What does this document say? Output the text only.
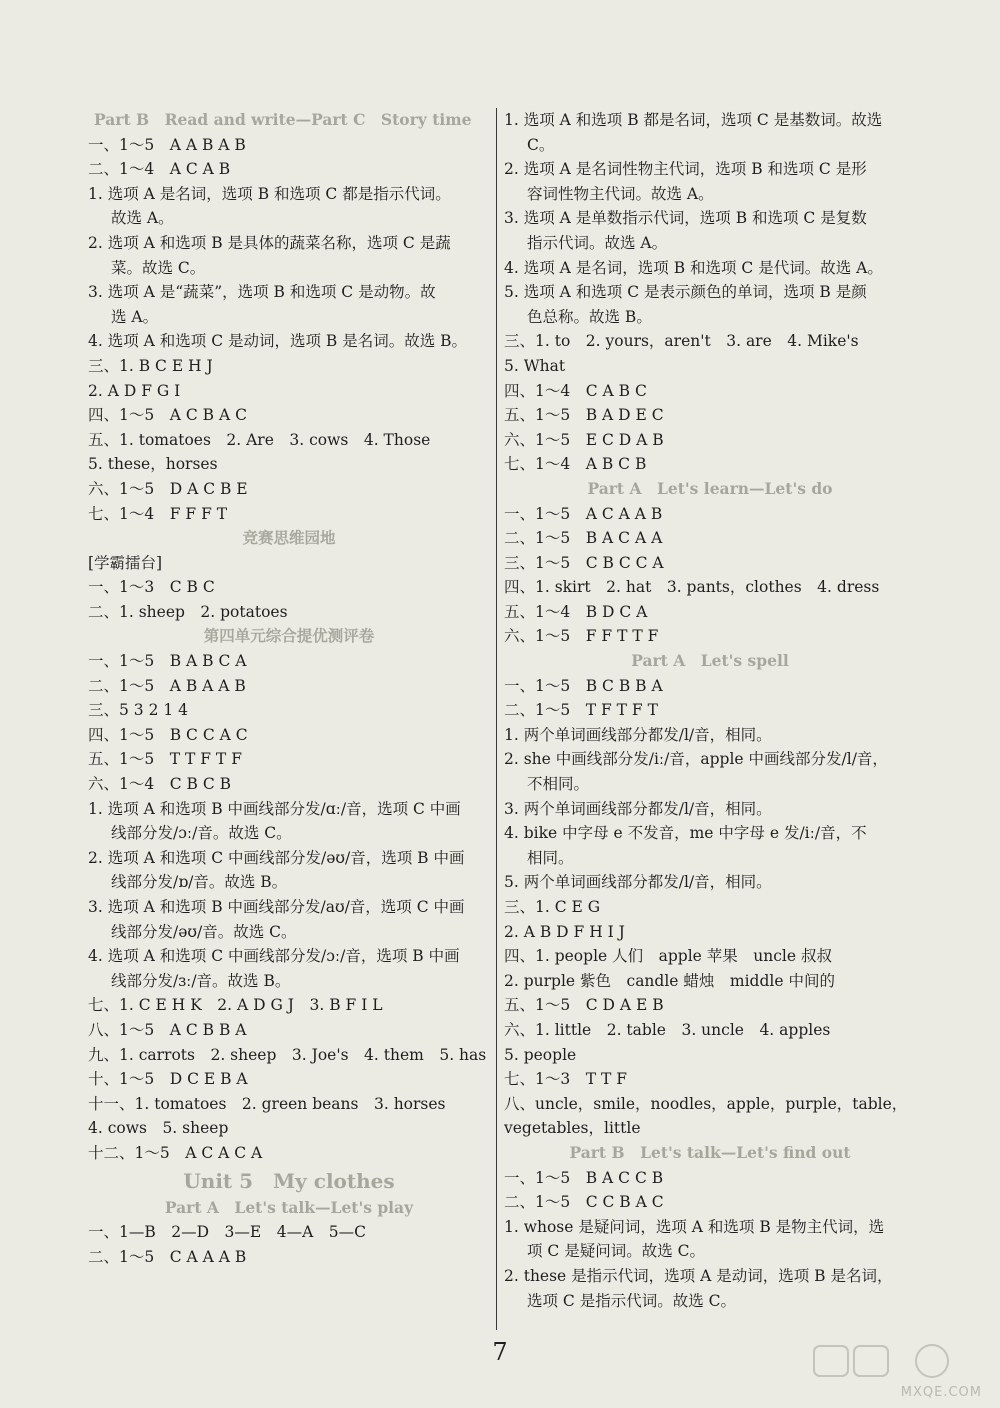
Part B　Read and write—Part C　Story time
一、1～5　A A B A B
二、1～4　A C A B
1. 选项 A 是名词，选项 B 和选项 C 都是指示代词。
故选 A。
2. 选项 A 和选项 B 是具体的蔬菜名称，选项 C 是蔬
菜。故选 C。
3. 选项 A 是“蔬菜”，选项 B 和选项 C 是动物。故
选 A。
4. 选项 A 和选项 C 是动词，选项 B 是名词。故选 B。
三、1. B C E H J
2. A D F G I
四、1～5　A C B A C
五、1. tomatoes　2. Are　3. cows　4. Those
5. these，horses
六、1～5　D A C B E
七、1～4　F F F T
竞赛思维园地
[学霸擂台]
一、1～3　C B C
二、1. sheep　2. potatoes
第四单元综合提优测评卷
一、1～5　B A B C A
二、1～5　A B A A B
三、5 3 2 1 4
四、1～5　B C C A C
五、1～5　T T F T F
六、1～4　C B C B
1. 选项 A 和选项 B 中画线部分发/ɑː/音，选项 C 中画
线部分发/ɔː/音。故选 C。
2. 选项 A 和选项 C 中画线部分发/əʊ/音，选项 B 中画
线部分发/ɒ/音。故选 B。
3. 选项 A 和选项 B 中画线部分发/aʊ/音，选项 C 中画
线部分发/əʊ/音。故选 C。
4. 选项 A 和选项 C 中画线部分发/ɔː/音，选项 B 中画
线部分发/ɜː/音。故选 B。
七、1. C E H K　2. A D G J　3. B F I L
八、1～5　A C B B A
九、1. carrots　2. sheep　3. Joe's　4. them　5. has
十、1～5　D C E B A
十一、1. tomatoes　2. green beans　3. horses
4. cows　5. sheep
十二、1～5　A C A C A
Unit 5　My clothes
Part A　Let's talk—Let's play
一、1—B　2—D　3—E　4—A　5—C
二、1～5　C A A A B
1. 选项 A 和选项 B 都是名词，选项 C 是基数词。故选
C。
2. 选项 A 是名词性物主代词，选项 B 和选项 C 是形
容词性物主代词。故选 A。
3. 选项 A 是单数指示代词，选项 B 和选项 C 是复数
指示代词。故选 A。
4. 选项 A 是名词，选项 B 和选项 C 是代词。故选 A。
5. 选项 A 和选项 C 是表示颜色的单词，选项 B 是颜
色总称。故选 B。
三、1. to　2. yours，aren't　3. are　4. Mike's
5. What
四、1～4　C A B C
五、1～5　B A D E C
六、1～5　E C D A B
七、1～4　A B C B
Part A　Let's learn—Let's do
一、1～5　A C A A B
二、1～5　B A C A A
三、1～5　C B C C A
四、1. skirt　2. hat　3. pants，clothes　4. dress
五、1～4　B D C A
六、1～5　F F T T F
Part A　Let's spell
一、1～5　B C B B A
二、1～5　T F T F T
1. 两个单词画线部分都发/l/音，相同。
2. she 中画线部分发/iː/音，apple 中画线部分发/l/音，
不相同。
3. 两个单词画线部分都发/l/音，相同。
4. bike 中字母 e 不发音，me 中字母 e 发/iː/音，不
相同。
5. 两个单词画线部分都发/l/音，相同。
三、1. C E G
2. A B D F H I J
四、1. people 人们　apple 苹果　uncle 叔叔
2. purple 紫色　candle 蜡烛　middle 中间的
五、1～5　C D A E B
六、1. little　2. table　3. uncle　4. apples
5. people
七、1～3　T T F
八、uncle，smile，noodles，apple，purple，table，
vegetables，little
Part B　Let's talk—Let's find out
一、1～5　B A C C B
二、1～5　C C B A C
1. whose 是疑问词，选项 A 和选项 B 是物主代词，选
项 C 是疑问词。故选 C。
2. these 是指示代词，选项 A 是动词，选项 B 是名词，
选项 C 是指示代词。故选 C。
7
MXQE.COM
